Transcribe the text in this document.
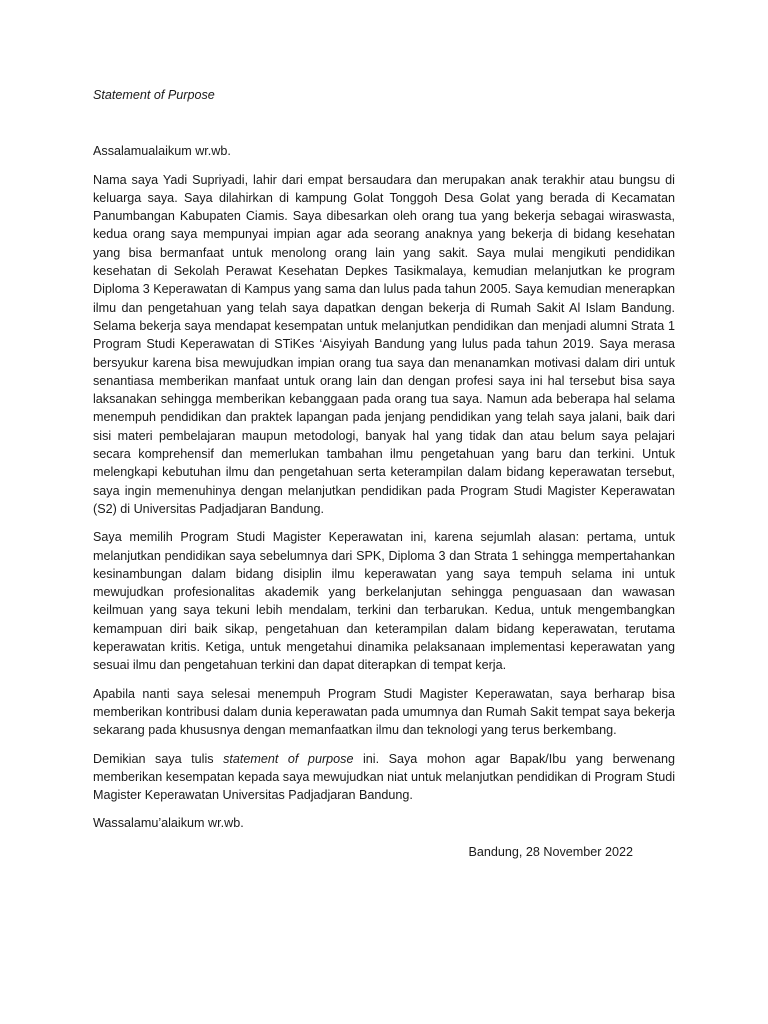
Statement of Purpose

Assalamualaikum wr.wb.

Nama saya Yadi Supriyadi, lahir dari empat bersaudara dan merupakan anak terakhir atau bungsu di keluarga saya. Saya dilahirkan di kampung Golat Tonggoh Desa Golat yang berada di Kecamatan Panumbangan Kabupaten Ciamis. Saya dibesarkan oleh orang tua yang bekerja sebagai wiraswasta, kedua orang saya mempunyai impian agar ada seorang anaknya yang bekerja di bidang kesehatan yang bisa bermanfaat untuk menolong orang lain yang sakit. Saya mulai mengikuti pendidikan kesehatan di Sekolah Perawat Kesehatan Depkes Tasikmalaya, kemudian melanjutkan ke program Diploma 3 Keperawatan di Kampus yang sama dan lulus pada tahun 2005. Saya kemudian menerapkan ilmu dan pengetahuan yang telah saya dapatkan dengan bekerja di Rumah Sakit Al Islam Bandung. Selama bekerja saya mendapat kesempatan untuk melanjutkan pendidikan dan menjadi alumni Strata 1 Program Studi Keperawatan di STiKes ‘Aisyiyah Bandung yang lulus pada tahun 2019. Saya merasa bersyukur karena bisa mewujudkan impian orang tua saya dan menanamkan motivasi dalam diri untuk senantiasa memberikan manfaat untuk orang lain dan dengan profesi saya ini hal tersebut bisa saya laksanakan sehingga memberikan kebanggaan pada orang tua saya. Namun ada beberapa hal selama menempuh pendidikan dan praktek lapangan pada jenjang pendidikan yang telah saya jalani, baik dari sisi materi pembelajaran maupun metodologi, banyak hal yang tidak dan atau belum saya pelajari secara komprehensif dan memerlukan tambahan ilmu pengetahuan yang baru dan terkini. Untuk melengkapi kebutuhan ilmu dan pengetahuan serta keterampilan dalam bidang keperawatan tersebut, saya ingin memenuhinya dengan melanjutkan pendidikan pada Program Studi Magister Keperawatan (S2) di Universitas Padjadjaran Bandung.

Saya memilih Program Studi Magister Keperawatan ini, karena sejumlah alasan: pertama, untuk melanjutkan pendidikan saya sebelumnya dari SPK, Diploma 3 dan Strata 1 sehingga mempertahankan kesinambungan dalam bidang disiplin ilmu keperawatan yang saya tempuh selama ini untuk mewujudkan profesionalitas akademik yang berkelanjutan sehingga penguasaan dan wawasan keilmuan yang saya tekuni lebih mendalam, terkini dan terbarukan. Kedua, untuk mengembangkan kemampuan diri baik sikap, pengetahuan dan keterampilan dalam bidang keperawatan, terutama keperawatan kritis. Ketiga, untuk mengetahui dinamika pelaksanaan implementasi keperawatan yang sesuai ilmu dan pengetahuan terkini dan dapat diterapkan di tempat kerja.

Apabila nanti saya selesai menempuh Program Studi Magister Keperawatan, saya berharap bisa memberikan kontribusi dalam dunia keperawatan pada umumnya dan Rumah Sakit tempat saya bekerja sekarang pada khususnya dengan memanfaatkan ilmu dan teknologi yang terus berkembang.

Demikian saya tulis statement of purpose ini. Saya mohon agar Bapak/Ibu yang berwenang memberikan kesempatan kepada saya mewujudkan niat untuk melanjutkan pendidikan di Program Studi Magister Keperawatan Universitas Padjadjaran Bandung.

Wassalamu’alaikum wr.wb.

Bandung, 28 November 2022
